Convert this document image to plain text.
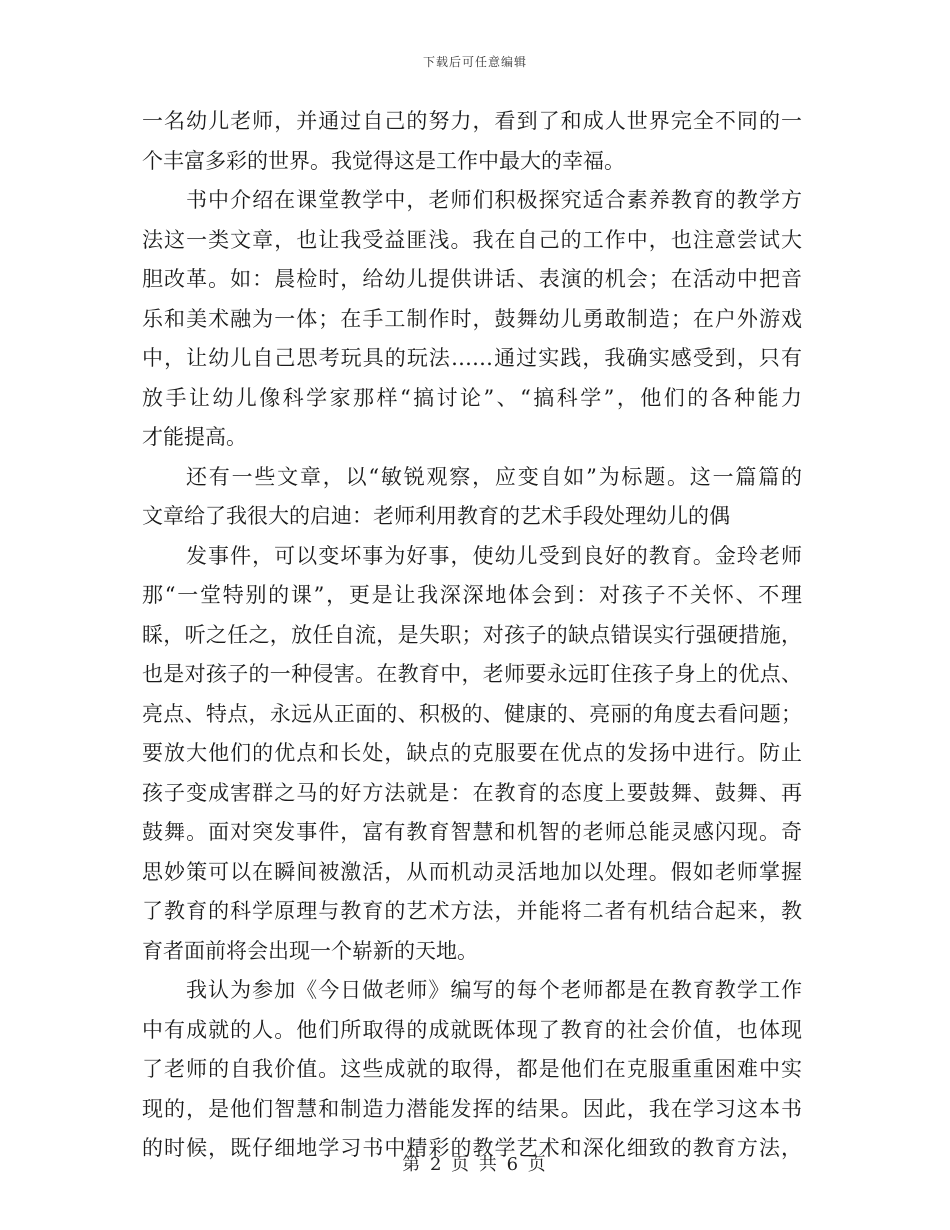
下载后可任意编辑
一名幼儿老师，并通过自己的努力，看到了和成人世界完全不同的一
个丰富多彩的世界。我觉得这是工作中最大的幸福。
书中介绍在课堂教学中，老师们积极探究适合素养教育的教学方
法这一类文章，也让我受益匪浅。我在自己的工作中，也注意尝试大
胆改革。如：晨检时，给幼儿提供讲话、表演的机会；在活动中把音
乐和美术融为一体；在手工制作时，鼓舞幼儿勇敢制造；在户外游戏
中，让幼儿自己思考玩具的玩法……通过实践，我确实感受到，只有
放手让幼儿像科学家那样“搞讨论”、“搞科学”，他们的各种能力
才能提高。
还有一些文章，以“敏锐观察，应变自如”为标题。这一篇篇的
文章给了我很大的启迪：老师利用教育的艺术手段处理幼儿的偶
发事件，可以变坏事为好事，使幼儿受到良好的教育。金玲老师
那“一堂特别的课”，更是让我深深地体会到：对孩子不关怀、不理
睬，听之任之，放任自流，是失职；对孩子的缺点错误实行强硬措施，
也是对孩子的一种侵害。在教育中，老师要永远盯住孩子身上的优点、
亮点、特点，永远从正面的、积极的、健康的、亮丽的角度去看问题；
要放大他们的优点和长处，缺点的克服要在优点的发扬中进行。防止
孩子变成害群之马的好方法就是：在教育的态度上要鼓舞、鼓舞、再
鼓舞。面对突发事件，富有教育智慧和机智的老师总能灵感闪现。奇
思妙策可以在瞬间被激活，从而机动灵活地加以处理。假如老师掌握
了教育的科学原理与教育的艺术方法，并能将二者有机结合起来，教
育者面前将会出现一个崭新的天地。
我认为参加《今日做老师》编写的每个老师都是在教育教学工作
中有成就的人。他们所取得的成就既体现了教育的社会价值，也体现
了老师的自我价值。这些成就的取得，都是他们在克服重重困难中实
现的，是他们智慧和制造力潜能发挥的结果。因此，我在学习这本书
的时候，既仔细地学习书中精彩的教学艺术和深化细致的教育方法，
第 2 页 共 6 页
